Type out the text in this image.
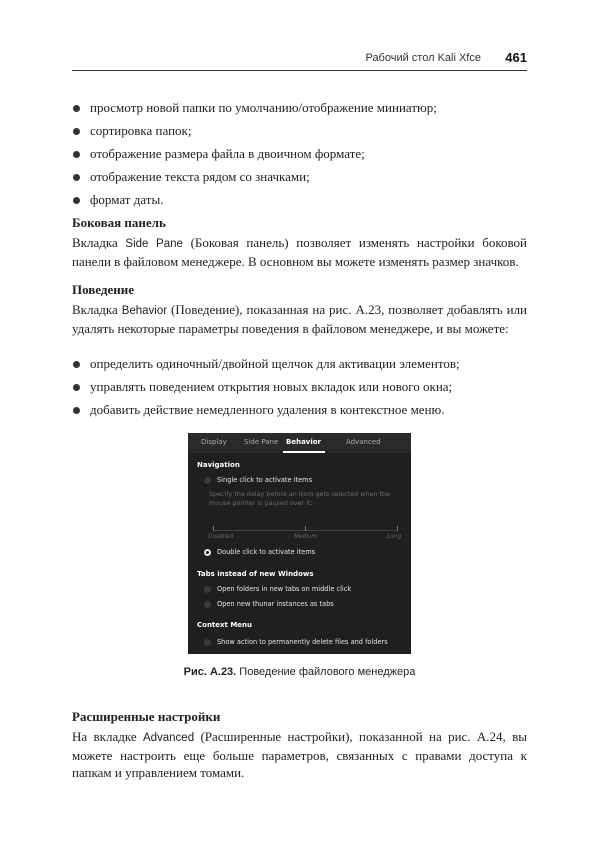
Рабочий стол Kali Xfce 461
просмотр новой папки по умолчанию/отображение миниатюр;
сортировка папок;
отображение размера файла в двоичном формате;
отображение текста рядом со значками;
формат даты.
Боковая панель

Вкладка Side Pane (Боковая панель) позволяет изменять настройки боковой панели в файловом менеджере. В основном вы можете изменять размер значков.

Поведение

Вкладка Behavior (Поведение), показанная на рис. А.23, позволяет добавлять или удалять некоторые параметры поведения в файловом менеджере, и вы можете:

определить одиночный/двойной щелчок для активации элементов;
управлять поведением открытия новых вкладок или нового окна;
добавить действие немедленного удаления в контекстное меню.
Display Side Pane Behavior	Advanced
Navigation
Single click to activate items
Specify the delay before an item gets selected when the mouse pointer is paused over it:
Disabled	Medium	Long
Double click to activate items
Tabs instead of new Windows
Open folders in new tabs on middle click
Open new thunar instances as tabs
Context Menu
Show action to permanently delete files and folders
Рис. А.23. Поведение файлового менеджера
Расширенные настройки

На вкладке Advanced (Расширенные настройки), показанной на рис. А.24, вы можете настроить еще больше параметров, связанных с правами доступа к папкам и управлением томами.
